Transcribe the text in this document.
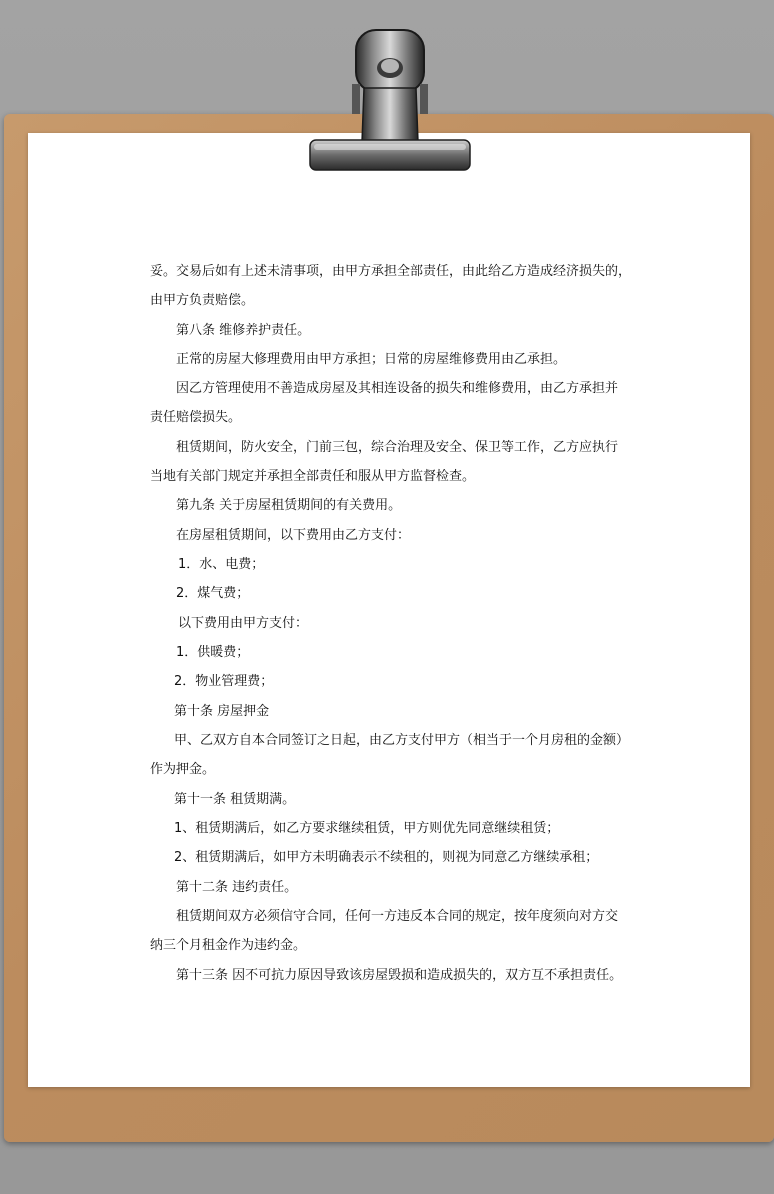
妥。交易后如有上述未清事项，由甲方承担全部责任，由此给乙方造成经济损失的，
由甲方负责赔偿。
第八条 维修养护责任。
正常的房屋大修理费用由甲方承担；日常的房屋维修费用由乙承担。
因乙方管理使用不善造成房屋及其相连设备的损失和维修费用，由乙方承担并
责任赔偿损失。
租赁期间，防火安全，门前三包，综合治理及安全、保卫等工作，乙方应执行
当地有关部门规定并承担全部责任和服从甲方监督检查。
第九条 关于房屋租赁期间的有关费用。
在房屋租赁期间，以下费用由乙方支付：
1．水、电费；
2．煤气费；
以下费用由甲方支付：
1．供暖费；
2．物业管理费；
第十条 房屋押金
甲、乙双方自本合同签订之日起，由乙方支付甲方（相当于一个月房租的金额）
作为押金。
第十一条 租赁期满。
1、租赁期满后，如乙方要求继续租赁，甲方则优先同意继续租赁；
2、租赁期满后，如甲方未明确表示不续租的，则视为同意乙方继续承租；
第十二条 违约责任。
租赁期间双方必须信守合同，任何一方违反本合同的规定，按年度须向对方交
纳三个月租金作为违约金。
第十三条 因不可抗力原因导致该房屋毁损和造成损失的，双方互不承担责任。
